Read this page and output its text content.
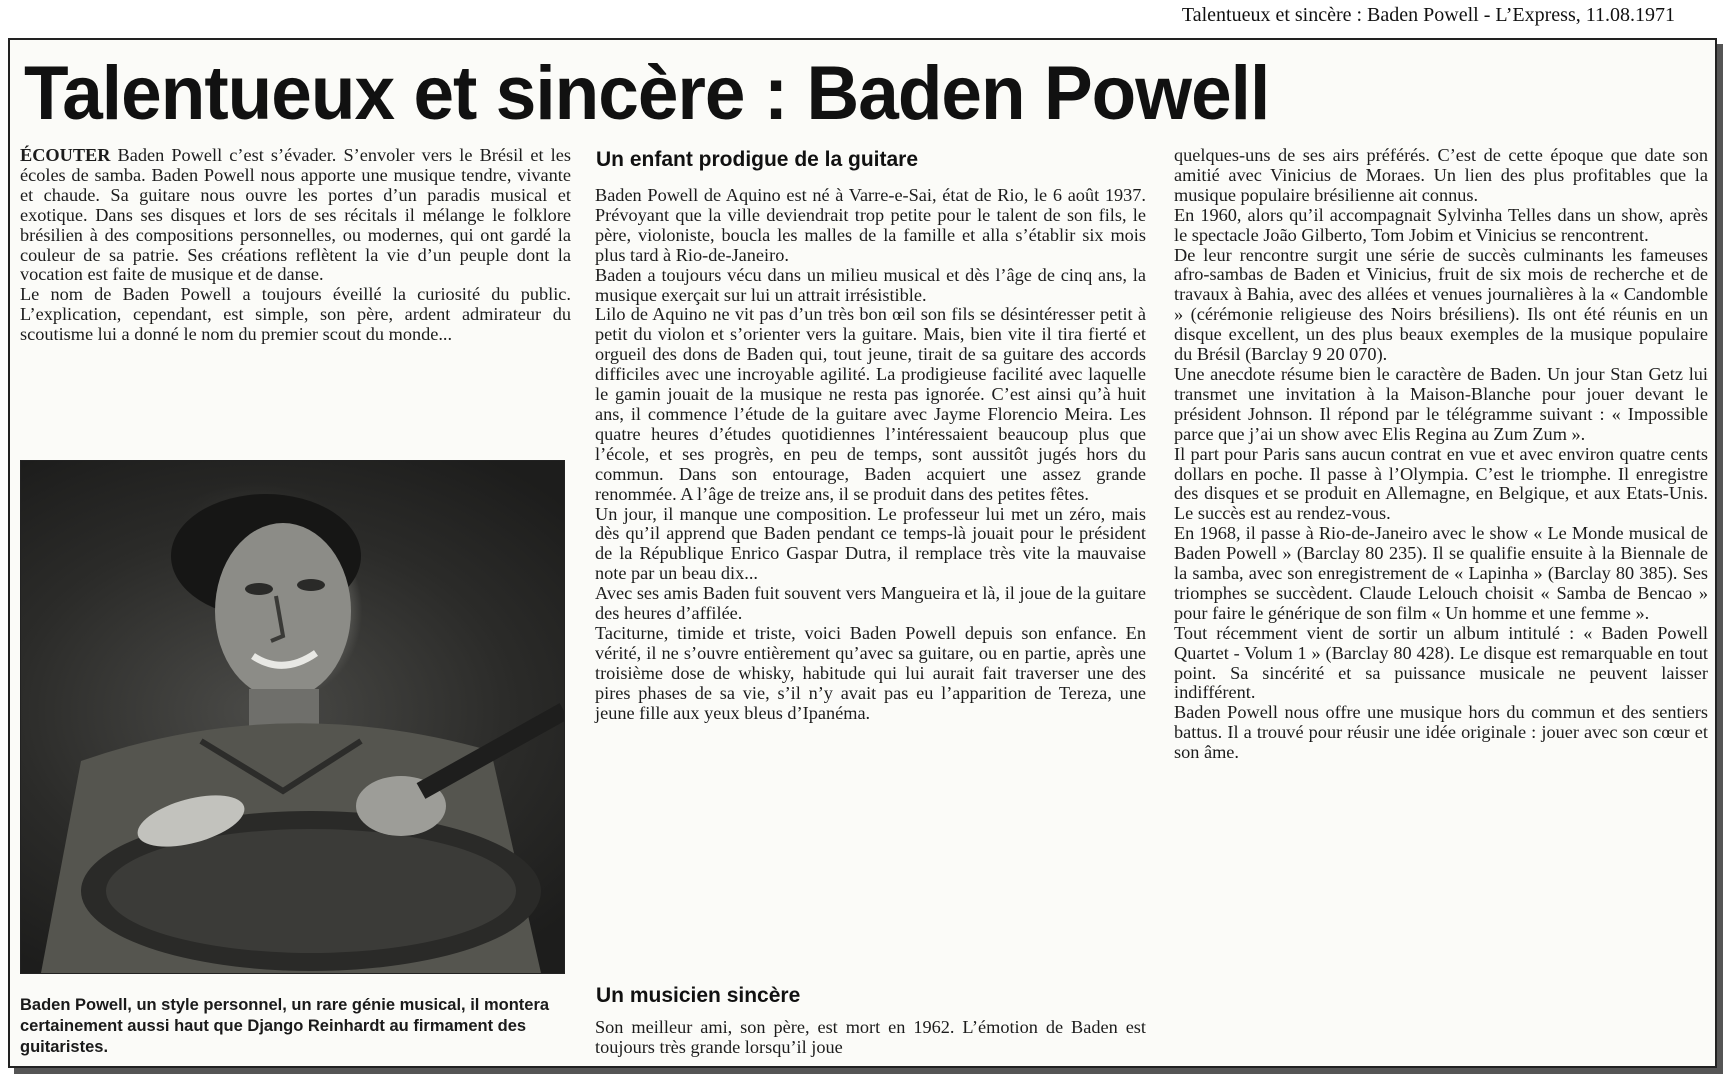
Talentueux et sincère : Baden Powell - L’Express, 11.08.1971
Talentueux et sincère : Baden Powell

ÉCOUTER Baden Powell c’est s’évader. S’envoler vers le Brésil et les écoles de samba. Baden Powell nous apporte une musique tendre, vivante et chaude. Sa guitare nous ouvre les portes d’un paradis musical et exotique. Dans ses disques et lors de ses récitals il mélange le folklore brésilien à des compositions personnelles, ou modernes, qui ont gardé la couleur de sa patrie. Ses créations reflètent la vie d’un peuple dont la vocation est faite de musique et de danse.

Le nom de Baden Powell a toujours éveillé la curiosité du public. L’explication, cependant, est simple, son père, ardent admirateur du scoutisme lui a donné le nom du premier scout du monde...

Baden Powell, un style personnel, un rare génie musical, il montera certainement aussi haut que Django Reinhardt au firmament des guitaristes.
Un enfant prodigue de la guitare

Baden Powell de Aquino est né à Varre-e-Sai, état de Rio, le 6 août 1937. Prévoyant que la ville deviendrait trop petite pour le talent de son fils, le père, violoniste, boucla les malles de la famille et alla s’établir six mois plus tard à Rio-de-Janeiro.

Baden a toujours vécu dans un milieu musical et dès l’âge de cinq ans, la musique exerçait sur lui un attrait irrésistible.

Lilo de Aquino ne vit pas d’un très bon œil son fils se désintéresser petit à petit du violon et s’orienter vers la guitare. Mais, bien vite il tira fierté et orgueil des dons de Baden qui, tout jeune, tirait de sa guitare des accords difficiles avec une incroyable agilité. La prodigieuse facilité avec laquelle le gamin jouait de la musique ne resta pas ignorée. C’est ainsi qu’à huit ans, il commence l’étude de la guitare avec Jayme Florencio Meira. Les quatre heures d’études quotidiennes l’intéressaient beaucoup plus que l’école, et ses progrès, en peu de temps, sont aussitôt jugés hors du commun. Dans son entourage, Baden acquiert une assez grande renommée. A l’âge de treize ans, il se produit dans des petites fêtes.

Un jour, il manque une composition. Le professeur lui met un zéro, mais dès qu’il apprend que Baden pendant ce temps-là jouait pour le président de la République Enrico Gaspar Dutra, il remplace très vite la mauvaise note par un beau dix...

Avec ses amis Baden fuit souvent vers Mangueira et là, il joue de la guitare des heures d’affilée.

Taciturne, timide et triste, voici Baden Powell depuis son enfance. En vérité, il ne s’ouvre entièrement qu’avec sa guitare, ou en partie, après une troisième dose de whisky, habitude qui lui aurait fait traverser une des pires phases de sa vie, s’il n’y avait pas eu l’apparition de Tereza, une jeune fille aux yeux bleus d’Ipanéma.

Un musicien sincère

Son meilleur ami, son père, est mort en 1962. L’émotion de Baden est toujours très grande lorsqu’il joue

quelques-uns de ses airs préférés. C’est de cette époque que date son amitié avec Vinicius de Moraes. Un lien des plus profitables que la musique populaire brésilienne ait connus.

En 1960, alors qu’il accompagnait Sylvinha Telles dans un show, après le spectacle João Gilberto, Tom Jobim et Vinicius se rencontrent.

De leur rencontre surgit une série de succès culminants les fameuses afro-sambas de Baden et Vinicius, fruit de six mois de recherche et de travaux à Bahia, avec des allées et venues journalières à la « Candomble » (cérémonie religieuse des Noirs brésiliens). Ils ont été réunis en un disque excellent, un des plus beaux exemples de la musique populaire du Brésil (Barclay 9 20 070).

Une anecdote résume bien le caractère de Baden. Un jour Stan Getz lui transmet une invitation à la Maison-Blanche pour jouer devant le président Johnson. Il répond par le télégramme suivant : « Impossible parce que j’ai un show avec Elis Regina au Zum Zum ».

Il part pour Paris sans aucun contrat en vue et avec environ quatre cents dollars en poche. Il passe à l’Olympia. C’est le triomphe. Il enregistre des disques et se produit en Allemagne, en Belgique, et aux Etats-Unis. Le succès est au rendez-vous.

En 1968, il passe à Rio-de-Janeiro avec le show « Le Monde musical de Baden Powell » (Barclay 80 235). Il se qualifie ensuite à la Biennale de la samba, avec son enregistrement de « Lapinha » (Barclay 80 385). Ses triomphes se succèdent. Claude Lelouch choisit « Samba de Bencao » pour faire le générique de son film « Un homme et une femme ».

Tout récemment vient de sortir un album intitulé : « Baden Powell Quartet - Volum 1 » (Barclay 80 428). Le disque est remarquable en tout point. Sa sincérité et sa puissance musicale ne peuvent laisser indifférent.

Baden Powell nous offre une musique hors du commun et des sentiers battus. Il a trouvé pour réusir une idée originale : jouer avec son cœur et son âme.
